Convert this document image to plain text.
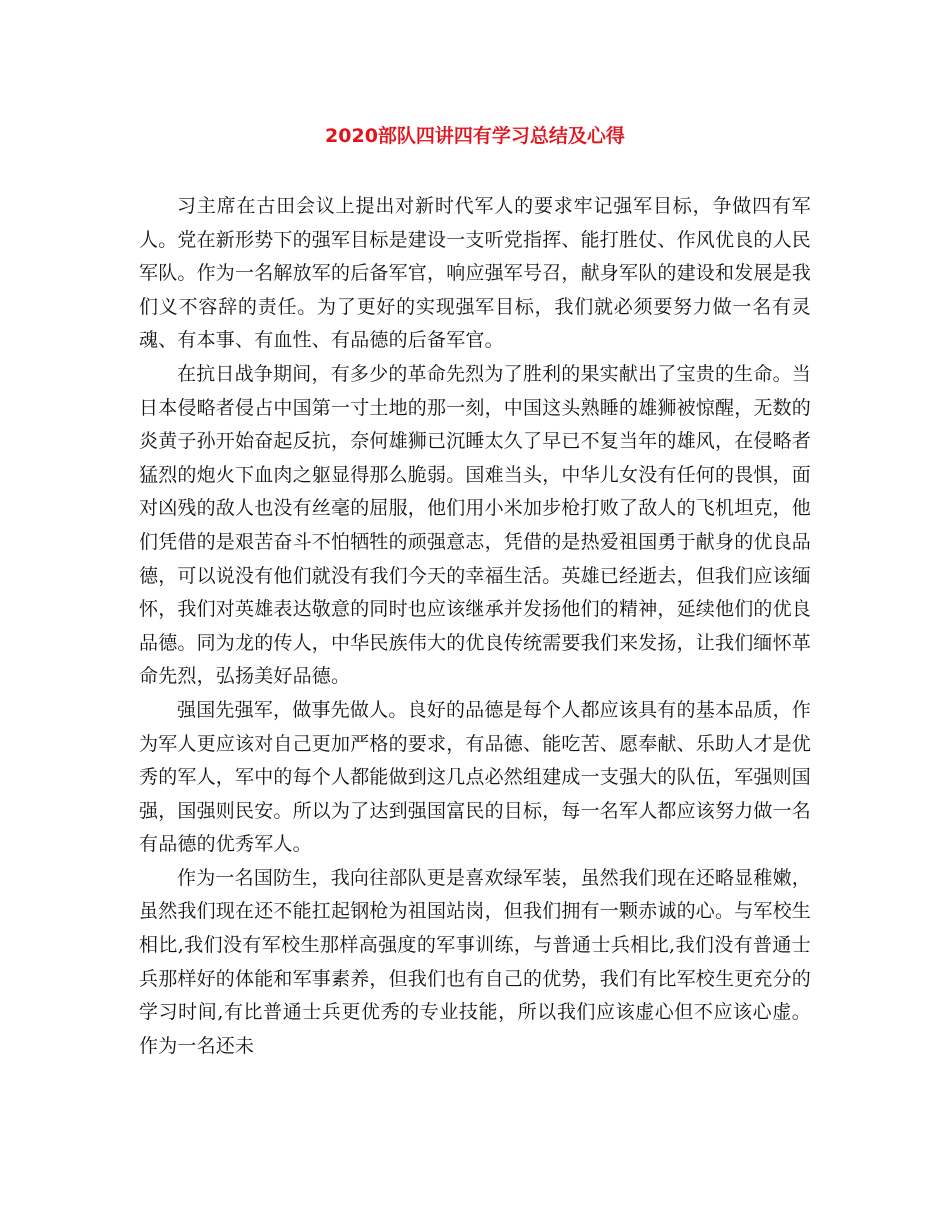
2020部队四讲四有学习总结及心得

习主席在古田会议上提出对新时代军人的要求牢记强军目标，争做四有军人。党在新形势下的强军目标是建设一支听党指挥、能打胜仗、作风优良的人民军队。作为一名解放军的后备军官，响应强军号召，献身军队的建设和发展是我们义不容辞的责任。为了更好的实现强军目标，我们就必须要努力做一名有灵魂、有本事、有血性、有品德的后备军官。

在抗日战争期间，有多少的革命先烈为了胜利的果实献出了宝贵的生命。当日本侵略者侵占中国第一寸土地的那一刻，中国这头熟睡的雄狮被惊醒，无数的炎黄子孙开始奋起反抗，奈何雄狮已沉睡太久了早已不复当年的雄风，在侵略者猛烈的炮火下血肉之躯显得那么脆弱。国难当头，中华儿女没有任何的畏惧，面对凶残的敌人也没有丝毫的屈服，他们用小米加步枪打败了敌人的飞机坦克，他们凭借的是艰苦奋斗不怕牺牲的顽强意志，凭借的是热爱祖国勇于献身的优良品德，可以说没有他们就没有我们今天的幸福生活。英雄已经逝去，但我们应该缅怀，我们对英雄表达敬意的同时也应该继承并发扬他们的精神，延续他们的优良品德。同为龙的传人，中华民族伟大的优良传统需要我们来发扬，让我们缅怀革命先烈，弘扬美好品德。

强国先强军，做事先做人。良好的品德是每个人都应该具有的基本品质，作为军人更应该对自己更加严格的要求，有品德、能吃苦、愿奉献、乐助人才是优秀的军人，军中的每个人都能做到这几点必然组建成一支强大的队伍，军强则国强，国强则民安。所以为了达到强国富民的目标，每一名军人都应该努力做一名有品德的优秀军人。

作为一名国防生，我向往部队更是喜欢绿军装，虽然我们现在还略显稚嫩，虽然我们现在还不能扛起钢枪为祖国站岗，但我们拥有一颗赤诚的心。与军校生相比,我们没有军校生那样高强度的军事训练，与普通士兵相比,我们没有普通士兵那样好的体能和军事素养，但我们也有自己的优势，我们有比军校生更充分的学习时间,有比普通士兵更优秀的专业技能，所以我们应该虚心但不应该心虚。作为一名还未
